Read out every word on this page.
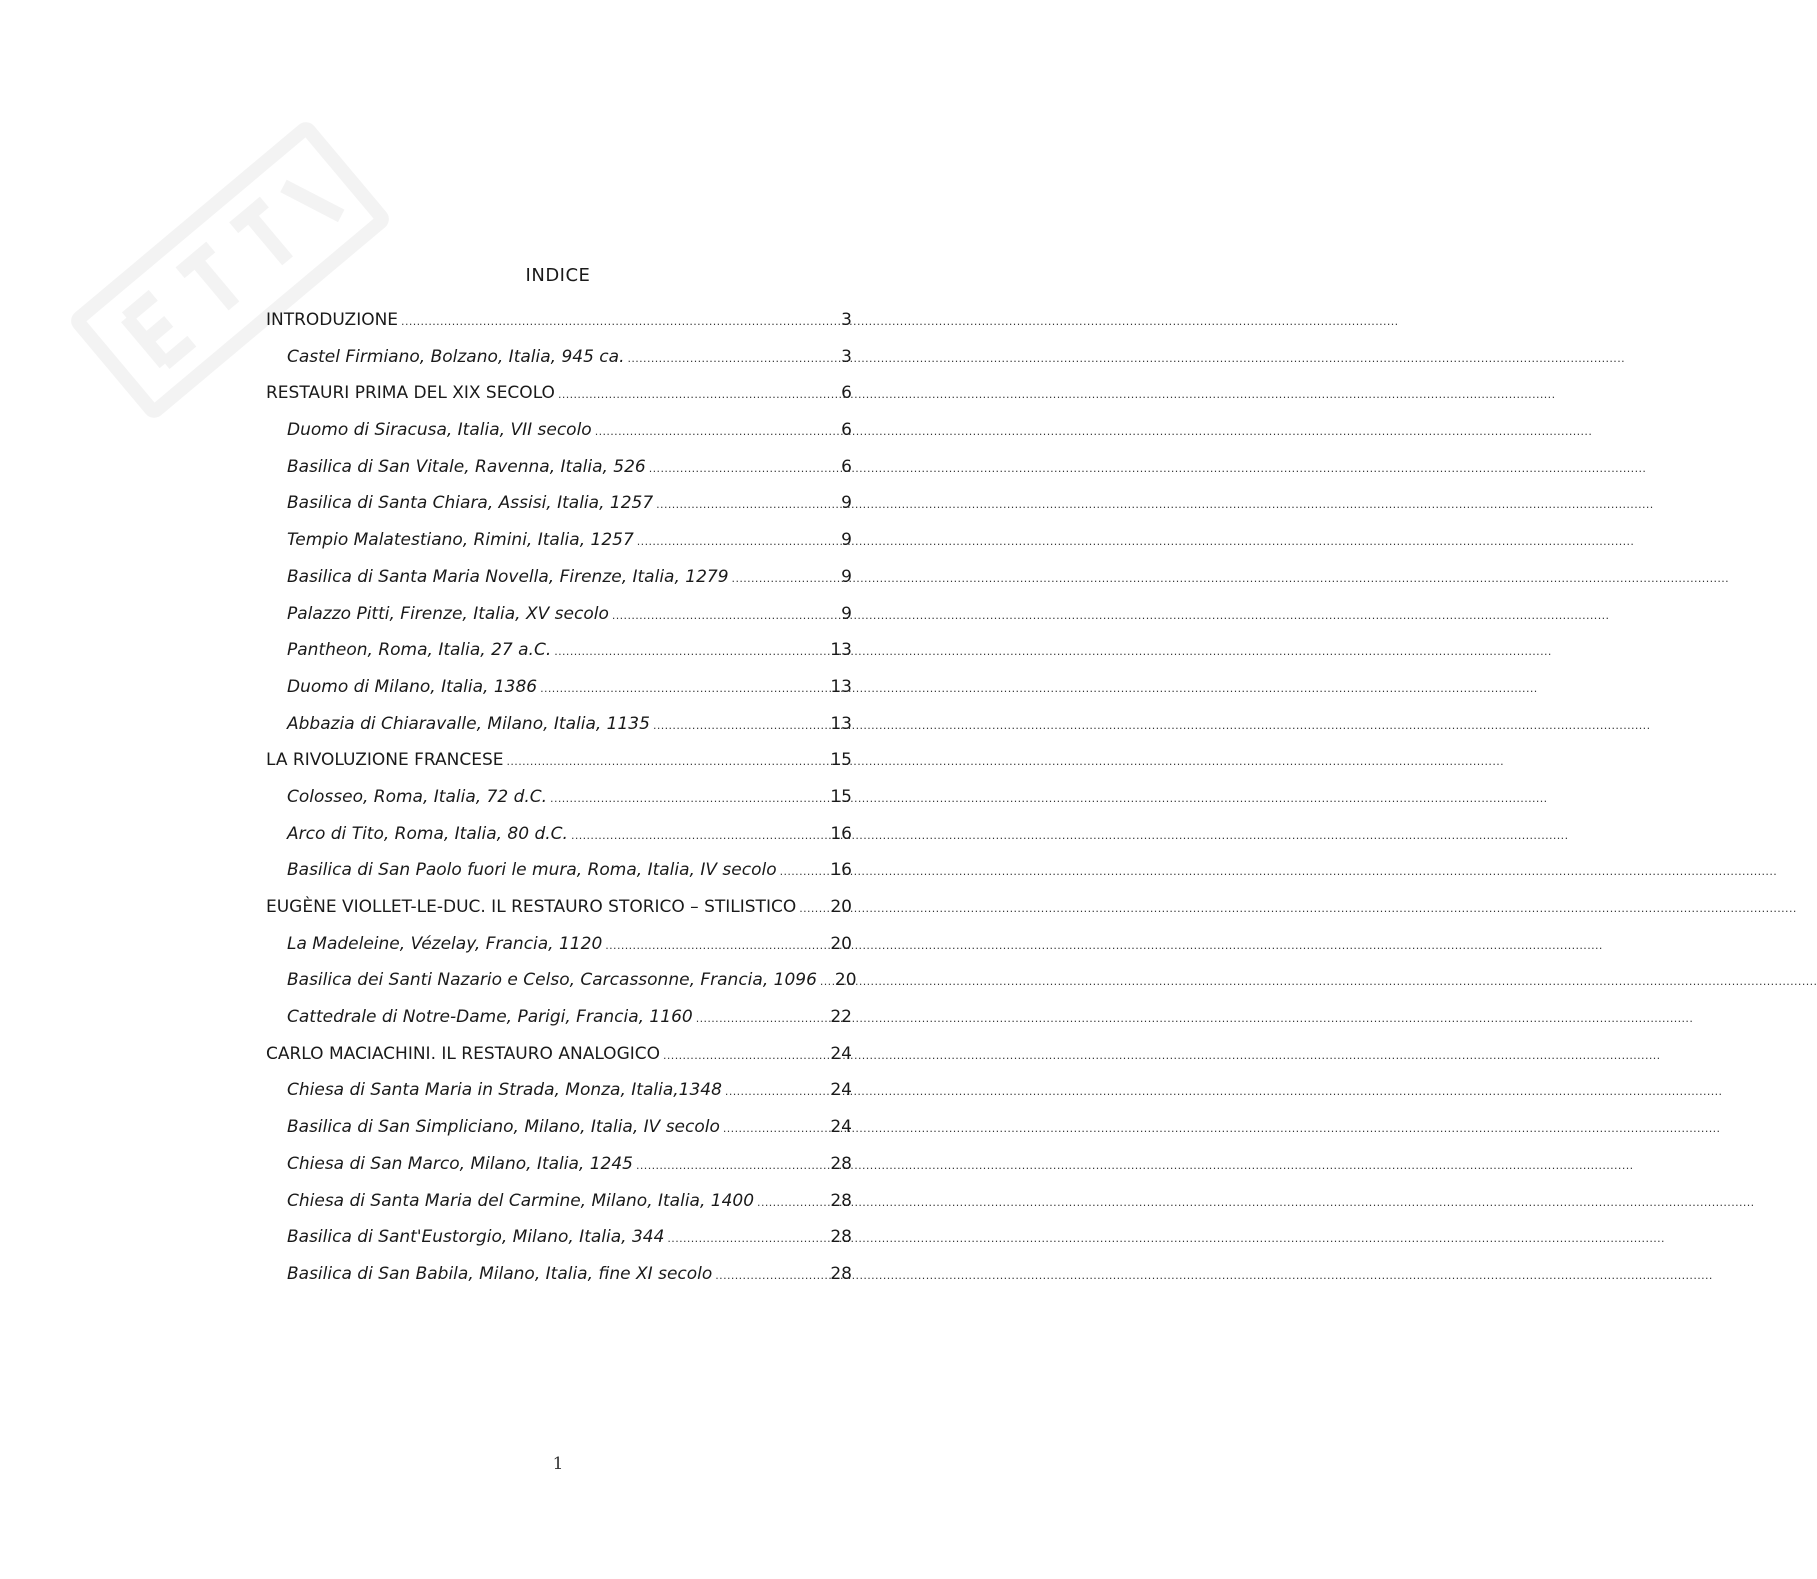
INDICE
INTRODUZIONE .....	3
Castel Firmiano, Bolzano, Italia, 945 ca. .....	3
RESTAURI PRIMA DEL XIX SECOLO .....	6
Duomo di Siracusa, Italia, VII secolo .....	6
Basilica di San Vitale, Ravenna, Italia, 526 .....	6
Basilica di Santa Chiara, Assisi, Italia, 1257 .....	9
Tempio Malatestiano, Rimini, Italia, 1257 .....	9
Basilica di Santa Maria Novella, Firenze, Italia, 1279 .....	9
Palazzo Pitti, Firenze, Italia, XV secolo .....	9
Pantheon, Roma, Italia, 27 a.C. .....	13
Duomo di Milano, Italia, 1386 .....	13
Abbazia di Chiaravalle, Milano, Italia, 1135 .....	13
LA RIVOLUZIONE FRANCESE .....	15
Colosseo, Roma, Italia, 72 d.C. .....	15
Arco di Tito, Roma, Italia, 80 d.C. .....	16
Basilica di San Paolo fuori le mura, Roma, Italia, IV secolo .....	16
EUGÈNE VIOLLET-LE-DUC. IL RESTAURO STORICO – STILISTICO ..... 20
La Madeleine, Vézelay, Francia, 1120 .....	20
Basilica dei Santi Nazario e Celso, Carcassonne, Francia, 1096 ..... 20
Cattedrale di Notre-Dame, Parigi, Francia, 1160 .....	22
CARLO MACIACHINI. IL RESTAURO ANALOGICO .....	24
Chiesa di Santa Maria in Strada, Monza, Italia,1348 .....	24
Basilica di San Simpliciano, Milano, Italia, IV secolo .....	24
Chiesa di San Marco, Milano, Italia, 1245 .....	28
Chiesa di Santa Maria del Carmine, Milano, Italia, 1400 .....	28
Basilica di Sant'Eustorgio, Milano, Italia, 344 .....	28
Basilica di San Babila, Milano, Italia, fine XI secolo .....	28
1
